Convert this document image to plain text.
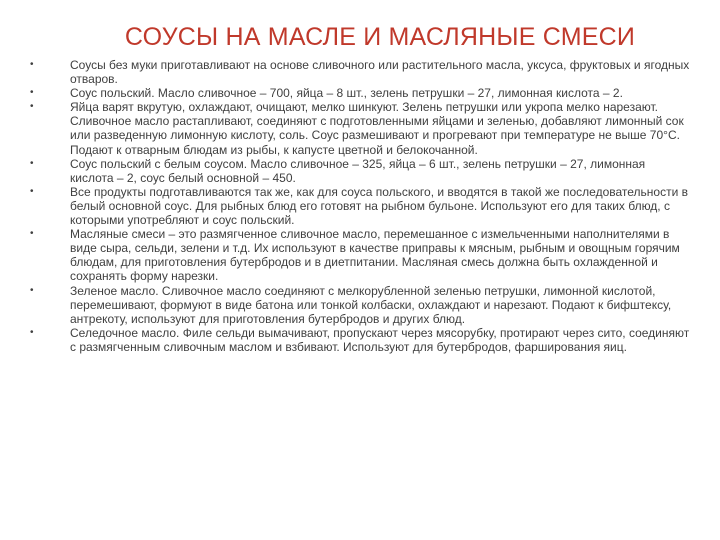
СОУСЫ НА МАСЛЕ И МАСЛЯНЫЕ СМЕСИ
•	Соусы без муки приготавливают на основе сливочного или растительного масла, уксуса, фруктовых и ягодных отваров.
•	Соус польский. Масло сливочное – 700, яйца – 8 шт., зелень петрушки – 27, лимонная кислота – 2.
•	Яйца варят вкрутую, охлаждают, очищают, мелко шинкуют. Зелень петрушки или укропа мелко нарезают. Сливочное масло растапливают, соединяют с подготовленными яйцами и зеленью, добавляют лимонный сок или разведенную лимонную кислоту, соль. Соус размешивают и прогревают при температуре не выше 70°С. Подают к отварным блюдам из рыбы, к капусте цветной и белокочанной.
•	Соус польский с белым соусом. Масло сливочное – 325, яйца – 6 шт., зелень петрушки – 27, лимонная кислота – 2, соус белый основной – 450.
•	Все продукты подготавливаются так же, как для соуса польского, и вводятся в такой же последовательности в белый основной соус. Для рыбных блюд его готовят на рыбном бульоне. Используют его для таких блюд, с которыми употребляют и соус польский.
•	Масляные смеси – это размягченное сливочное масло, перемешанное с измельченными наполнителями в виде сыра, сельди, зелени и т.д. Их используют в качестве приправы к мясным, рыбным и овощным горячим блюдам, для приготовления бутербродов и в диетпитании. Масляная смесь должна быть охлажденной и сохранять форму нарезки.
•	Зеленое масло. Сливочное масло соединяют с мелкорубленной зеленью петрушки, лимонной кислотой, перемешивают, формуют в виде батона или тонкой колбаски, охлаждают и нарезают. Подают к бифштексу, антрекоту, используют для приготовления бутербродов и других блюд.
•	Селедочное масло. Филе сельди вымачивают, пропускают через мясорубку, протирают через сито, соединяют с размягченным сливочным маслом и взбивают. Используют для бутербродов, фарширования яиц.
